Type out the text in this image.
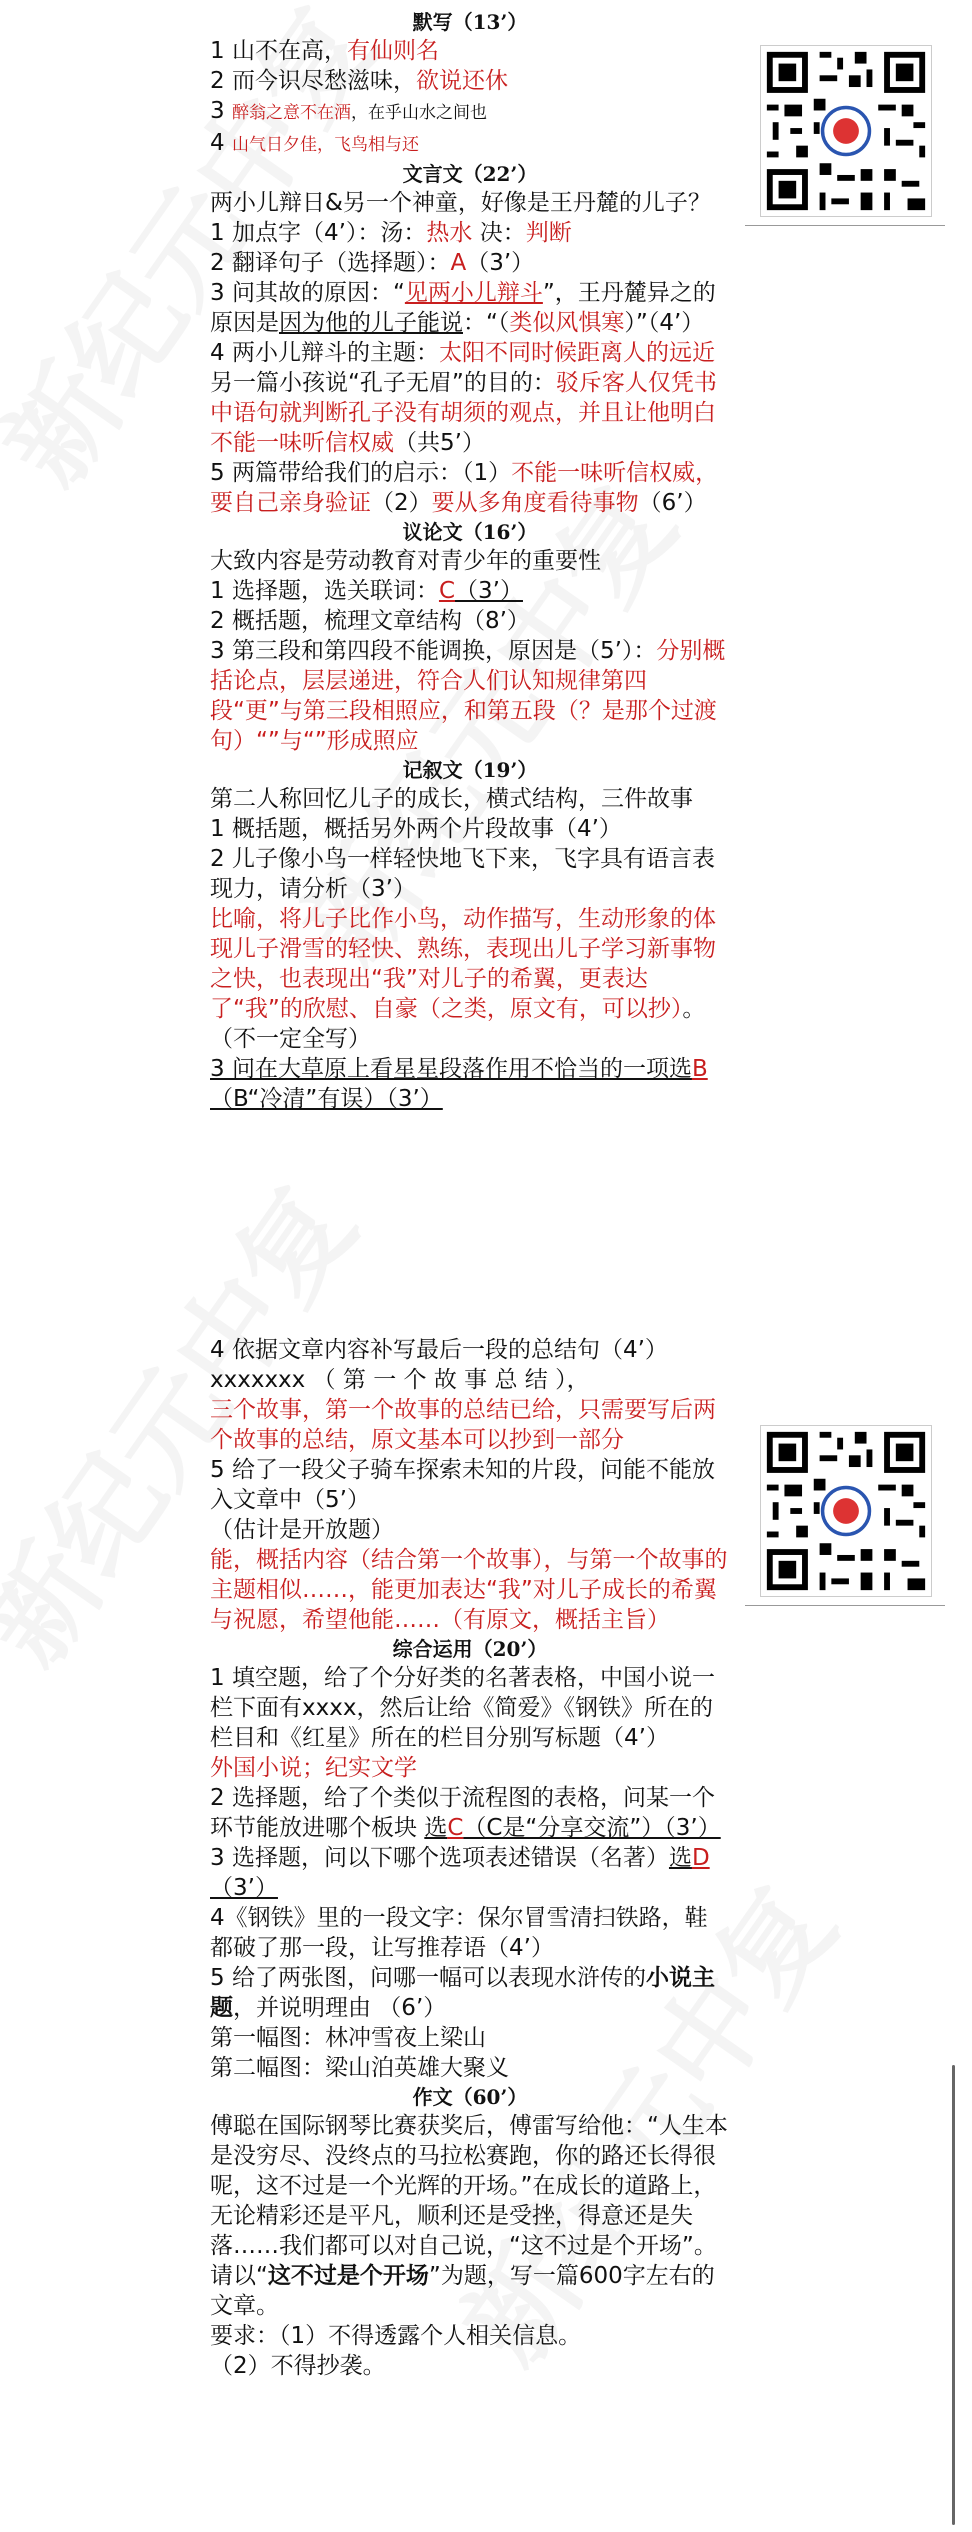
默写（13’）

1 山不在高，有仙则名

2 而今识尽愁滋味，欲说还休

3 醉翁之意不在酒，在乎山水之间也

4 山气日夕佳，飞鸟相与还

文言文（22’）

两小儿辩日&另一个神童，好像是王丹麓的儿子？

1 加点字（4’）：汤：热水 决：判断

2 翻译句子（选择题）：A（3’）

3 问其故的原因：“见两小儿辩斗”，王丹麓异之的原因是因为他的儿子能说：“（类似风惧寒）”（4’）

4 两小儿辩斗的主题：太阳不同时候距离人的远近

另一篇小孩说“孔子无眉”的目的：驳斥客人仅凭书中语句就判断孔子没有胡须的观点，并且让他明白不能一味听信权威（共5’）

5 两篇带给我们的启示：（1）不能一味听信权威，要自己亲身验证（2）要从多角度看待事物（6’）

议论文（16’）

大致内容是劳动教育对青少年的重要性

1 选择题，选关联词：C（3’）

2 概括题，梳理文章结构（8’）

3 第三段和第四段不能调换，原因是（5’）：分别概括论点，层层递进，符合人们认知规律第四段“更”与第三段相照应，和第五段（？是那个过渡句）“”与“”形成照应

记叙文（19’）

第二人称回忆儿子的成长，横式结构，三件故事

1 概括题，概括另外两个片段故事（4’）

2 儿子像小鸟一样轻快地飞下来，飞字具有语言表现力，请分析（3’）

比喻，将儿子比作小鸟，动作描写，生动形象的体现儿子滑雪的轻快、熟练，表现出儿子学习新事物之快，也表现出“我”对儿子的希翼，更表达了“我”的欣慰、自豪（之类，原文有，可以抄）。（不一定全写）

3 问在大草原上看星星段落作用不恰当的一项选B（B“冷清”有误）（3’）

4 依据文章内容补写最后一段的总结句（4’）

xxxxxxx （ 第 一 个 故 事 总 结 ），

三个故事，第一个故事的总结已给，只需要写后两个故事的总结，原文基本可以抄到一部分

5 给了一段父子骑车探索未知的片段，问能不能放入文章中（5’）

（估计是开放题）

能，概括内容（结合第一个故事），与第一个故事的主题相似……，能更加表达“我”对儿子成长的希翼与祝愿，希望他能……（有原文，概括主旨）

综合运用（20’）

1 填空题，给了个分好类的名著表格，中国小说一栏下面有xxxx，然后让给《简爱》《钢铁》所在的栏目和《红星》所在的栏目分别写标题（4’）

外国小说；纪实文学

2 选择题，给了个类似于流程图的表格，问某一个环节能放进哪个板块 选C（C是“分享交流”）（3’）

3 选择题，问以下哪个选项表述错误（名著）选D（3’）

4《钢铁》里的一段文字：保尔冒雪清扫铁路，鞋都破了那一段，让写推荐语（4’）

5 给了两张图，问哪一幅可以表现水浒传的小说主题，并说明理由 （6’）

第一幅图：林冲雪夜上梁山

第二幅图：梁山泊英雄大聚义

作文（60’）

傅聪在国际钢琴比赛获奖后，傅雷写给他：“人生本是没穷尽、没终点的马拉松赛跑，你的路还长得很呢，这不过是一个光辉的开场。”在成长的道路上，无论精彩还是平凡，顺利还是受挫，得意还是失落……我们都可以对自己说，“这不过是个开场”。

请以“这不过是个开场”为题，写一篇600字左右的文章。

要求：（1）不得透露个人相关信息。

（2）不得抄袭。
